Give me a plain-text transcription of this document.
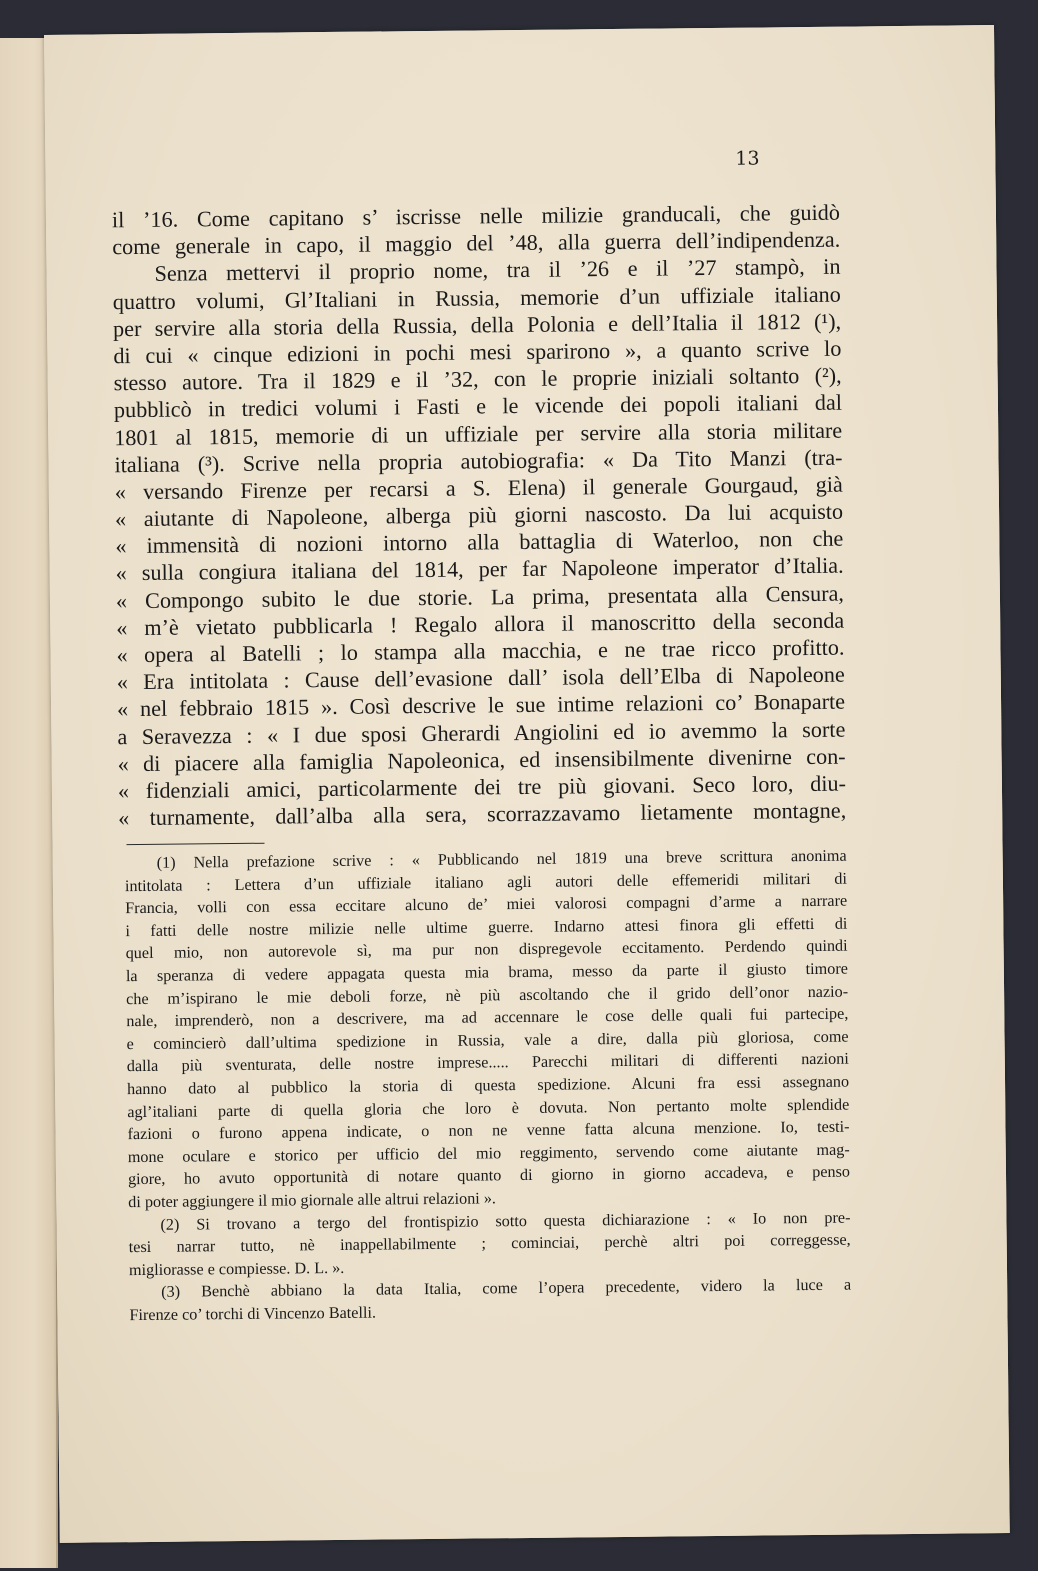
13
il ’16. Come capitano s’ iscrisse nelle milizie granducali, che guidò
come generale in capo, il maggio del ’48, alla guerra dell’indipendenza.
Senza mettervi il proprio nome, tra il ’26 e il ’27 stampò, in
quattro volumi, Gl’Italiani in Russia, memorie d’un uffiziale italiano
per servire alla storia della Russia, della Polonia e dell’Italia il 1812 (¹),
di cui « cinque edizioni in pochi mesi sparirono », a quanto scrive lo
stesso autore. Tra il 1829 e il ’32, con le proprie iniziali soltanto (²),
pubblicò in tredici volumi i Fasti e le vicende dei popoli italiani dal
1801 al 1815, memorie di un uffiziale per servire alla storia militare
italiana (³). Scrive nella propria autobiografia: « Da Tito Manzi (tra-
« versando Firenze per recarsi a S. Elena) il generale Gourgaud, già
« aiutante di Napoleone, alberga più giorni nascosto. Da lui acquisto
« immensità di nozioni intorno alla battaglia di Waterloo, non che
« sulla congiura italiana del 1814, per far Napoleone imperator d’Italia.
« Compongo subito le due storie. La prima, presentata alla Censura,
« m’è vietato pubblicarla ! Regalo allora il manoscritto della seconda
« opera al Batelli ; lo stampa alla macchia, e ne trae ricco profitto.
« Era intitolata : Cause dell’evasione dall’ isola dell’Elba di Napoleone
« nel febbraio 1815 ». Così descrive le sue intime relazioni co’ Bonaparte
a Seravezza : « I due sposi Gherardi Angiolini ed io avemmo la sorte
« di piacere alla famiglia Napoleonica, ed insensibilmente divenirne con-
« fidenziali amici, particolarmente dei tre più giovani. Seco loro, diu-
« turnamente, dall’alba alla sera, scorrazzavamo lietamente montagne,
(1) Nella prefazione scrive : « Pubblicando nel 1819 una breve scrittura anonima
intitolata : Lettera d’un uffiziale italiano agli autori delle effemeridi militari di
Francia, volli con essa eccitare alcuno de’ miei valorosi compagni d’arme a narrare
i fatti delle nostre milizie nelle ultime guerre. Indarno attesi finora gli effetti di
quel mio, non autorevole sì, ma pur non dispregevole eccitamento. Perdendo quindi
la speranza di vedere appagata questa mia brama, messo da parte il giusto timore
che m’ispirano le mie deboli forze, nè più ascoltando che il grido dell’onor nazio-
nale, imprenderò, non a descrivere, ma ad accennare le cose delle quali fui partecipe,
e comincierò dall’ultima spedizione in Russia, vale a dire, dalla più gloriosa, come
dalla più sventurata, delle nostre imprese..... Parecchi militari di differenti nazioni
hanno dato al pubblico la storia di questa spedizione. Alcuni fra essi assegnano
agl’italiani parte di quella gloria che loro è dovuta. Non pertanto molte splendide
fazioni o furono appena indicate, o non ne venne fatta alcuna menzione. Io, testi-
mone oculare e storico per ufficio del mio reggimento, servendo come aiutante mag-
giore, ho avuto opportunità di notare quanto di giorno in giorno accadeva, e penso
di poter aggiungere il mio giornale alle altrui relazioni ».
(2) Si trovano a tergo del frontispizio sotto questa dichiarazione : « Io non pre-
tesi narrar tutto, nè inappellabilmente ; cominciai, perchè altri poi correggesse,
migliorasse e compiesse. D. L. ».
(3) Benchè abbiano la data Italia, come l’opera precedente, videro la luce a
Firenze co’ torchi di Vincenzo Batelli.
